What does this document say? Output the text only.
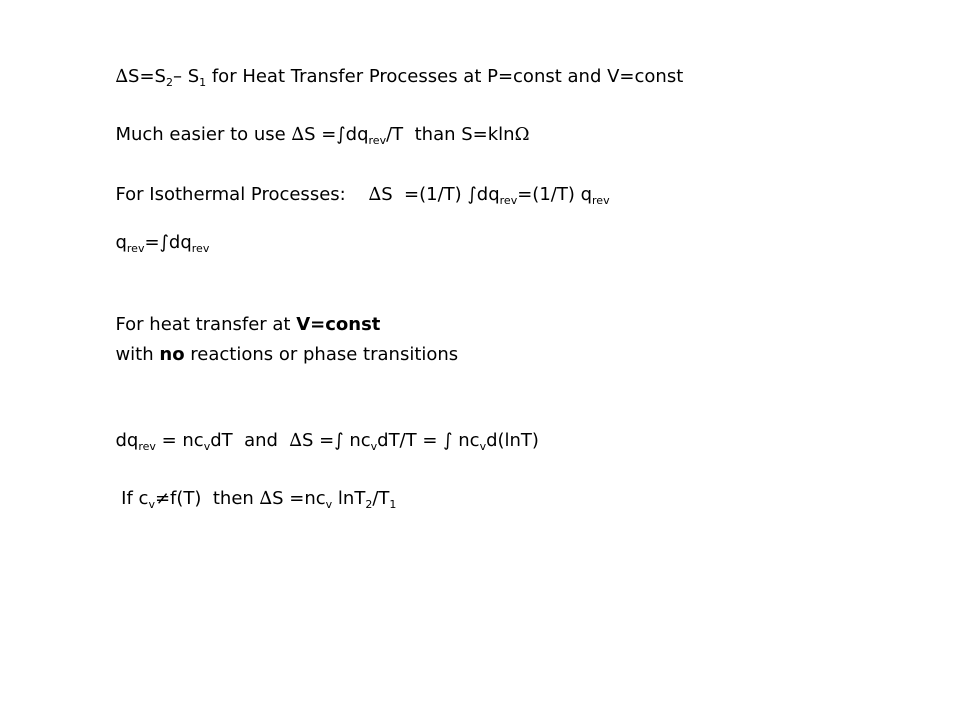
$\Delta S=S_2-$ $S_1$ for Heat Transfer Processes at P=const and V=const

Much easier to use $\Delta S =\int dq_{rev}/T$  than S=klnΩ

For Isothermal Processes:    ∆S  =(1/T) $\int dq_{rev}=(1/T)$ $q_{rev}$

$q_{rev}=\int dq_{rev}$

For heat transfer at V=const

with no reactions or phase transitions

$dq_{rev} = nc_vdT$  and  ∆S =∫ $nc_vdT/T$ = ∫ $nc_vd(\ln T)$

If $c_v\ne f(T)$  then $\Delta S =nc_v$ $\ln T_2/T_1$
